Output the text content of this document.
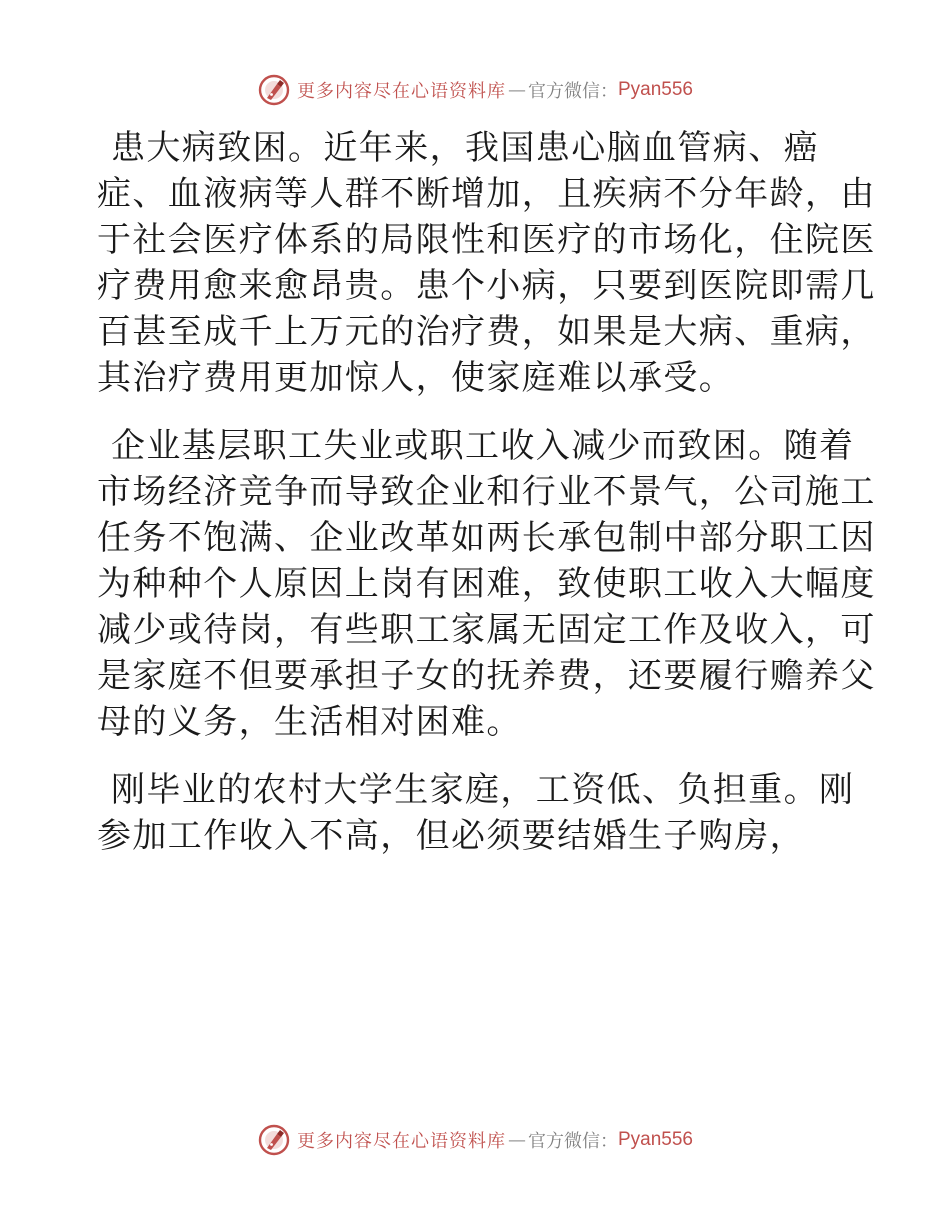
更多内容尽在心语资料库 — 官方微信： Pyan556

患大病致困。近年来，我国患心脑血管病、癌

症、血液病等人群不断增加，且疾病不分年龄，由

于社会医疗体系的局限性和医疗的市场化，住院医

疗费用愈来愈昂贵。患个小病，只要到医院即需几

百甚至成千上万元的治疗费，如果是大病、重病，

其治疗费用更加惊人，使家庭难以承受。

企业基层职工失业或职工收入减少而致困。随着

市场经济竞争而导致企业和行业不景气，公司施工

任务不饱满、企业改革如两长承包制中部分职工因

为种种个人原因上岗有困难，致使职工收入大幅度

减少或待岗，有些职工家属无固定工作及收入，可

是家庭不但要承担子女的抚养费，还要履行赡养父

母的义务，生活相对困难。

刚毕业的农村大学生家庭，工资低、负担重。刚

参加工作收入不高，但必须要结婚生子购房，

更多内容尽在心语资料库 — 官方微信： Pyan556
